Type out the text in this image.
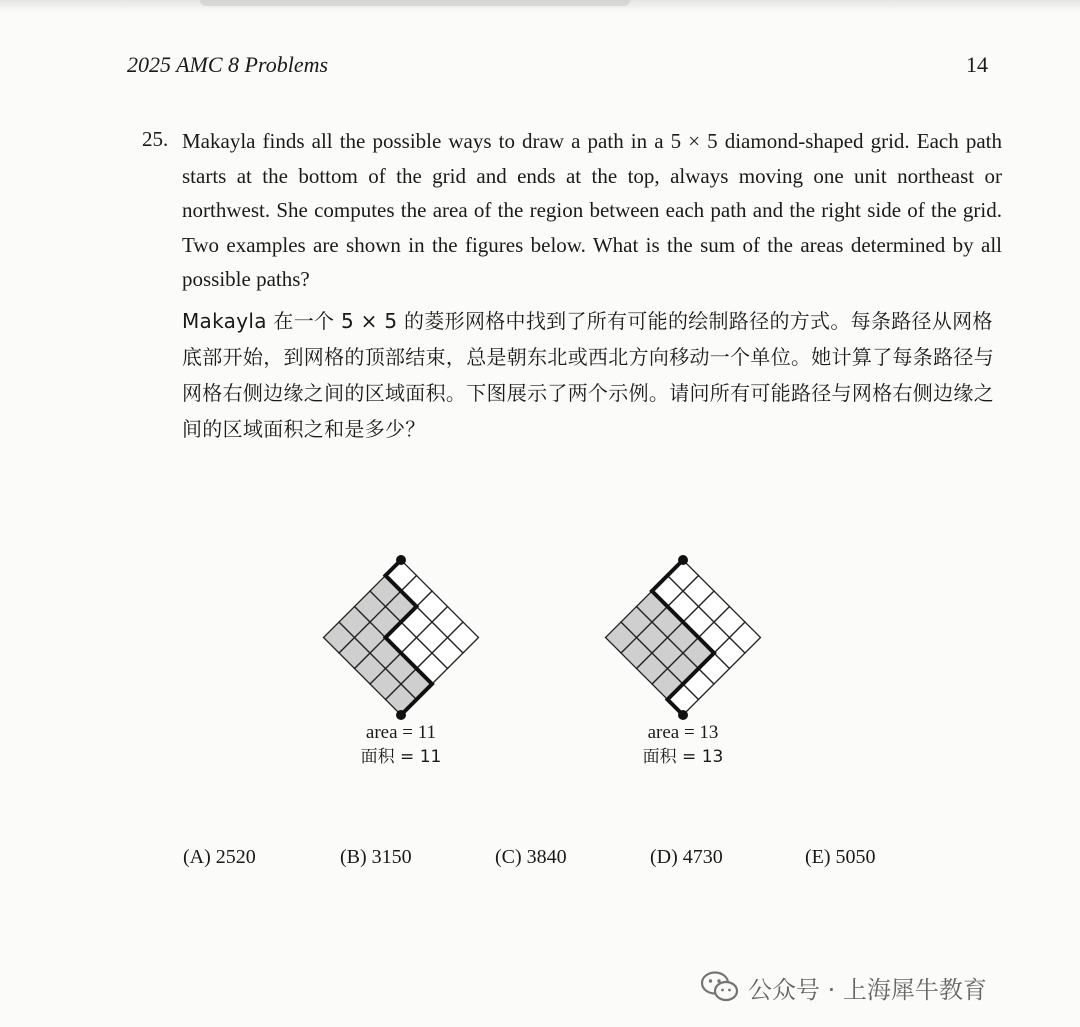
2025 AMC 8 Problems	14
25. Makayla finds all the possible ways to draw a path in a 5 × 5 diamond-shaped grid. Each path starts at the bottom of the grid and ends at the top, always moving one unit northeast or northwest. She computes the area of the region between each path and the right side of the grid. Two examples are shown in the figures below. What is the sum of the areas determined by all possible paths?

Makayla 在一个 5 × 5 的菱形网格中找到了所有可能的绘制路径的方式。每条路径从网格底部开始，到网格的顶部结束，总是朝东北或西北方向移动一个单位。她计算了每条路径与网格右侧边缘之间的区域面积。下图展示了两个示例。请问所有可能路径与网格右侧边缘之间的区域面积之和是多少？

area = 11
面积 = 11
area = 13
面积 = 13
(A) 2520	(B) 3150	(C) 3840	(D) 4730	(E) 5050
公众号 · 上海犀牛教育
